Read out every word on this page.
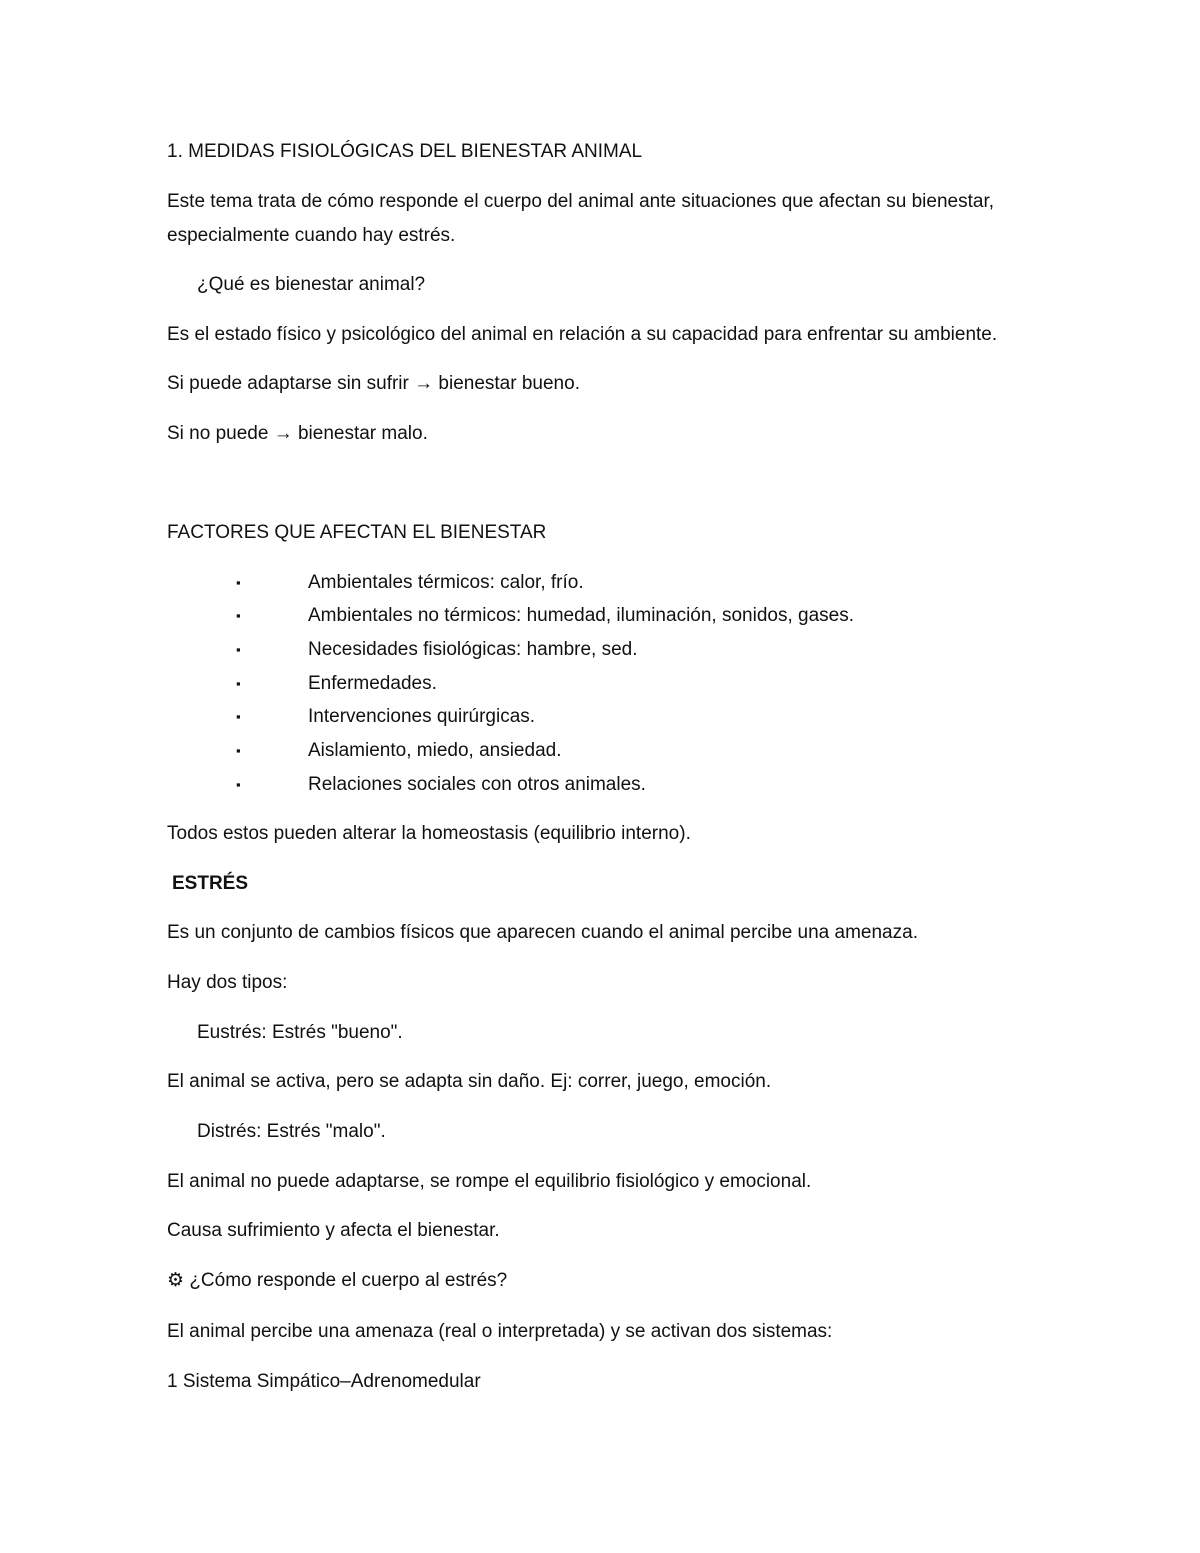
1. MEDIDAS FISIOLÓGICAS DEL BIENESTAR ANIMAL
Este tema trata de cómo responde el cuerpo del animal ante situaciones que afectan su bienestar,
especialmente cuando hay estrés.
¿Qué es bienestar animal?
Es el estado físico y psicológico del animal en relación a su capacidad para enfrentar su ambiente.
Si puede adaptarse sin sufrir → bienestar bueno.
Si no puede → bienestar malo.
FACTORES QUE AFECTAN EL BIENESTAR
▪	Ambientales térmicos: calor, frío.
▪	Ambientales no térmicos: humedad, iluminación, sonidos, gases.
▪	Necesidades fisiológicas: hambre, sed.
▪	Enfermedades.
▪	Intervenciones quirúrgicas.
▪	Aislamiento, miedo, ansiedad.
▪	Relaciones sociales con otros animales.
Todos estos pueden alterar la homeostasis (equilibrio interno).
ESTRÉS
Es un conjunto de cambios físicos que aparecen cuando el animal percibe una amenaza.
Hay dos tipos:
Eustrés: Estrés "bueno".
El animal se activa, pero se adapta sin daño. Ej: correr, juego, emoción.
Distrés: Estrés "malo".
El animal no puede adaptarse, se rompe el equilibrio fisiológico y emocional.
Causa sufrimiento y afecta el bienestar.
⚙ ¿Cómo responde el cuerpo al estrés?
El animal percibe una amenaza (real o interpretada) y se activan dos sistemas:
1 Sistema Simpático–Adrenomedular
